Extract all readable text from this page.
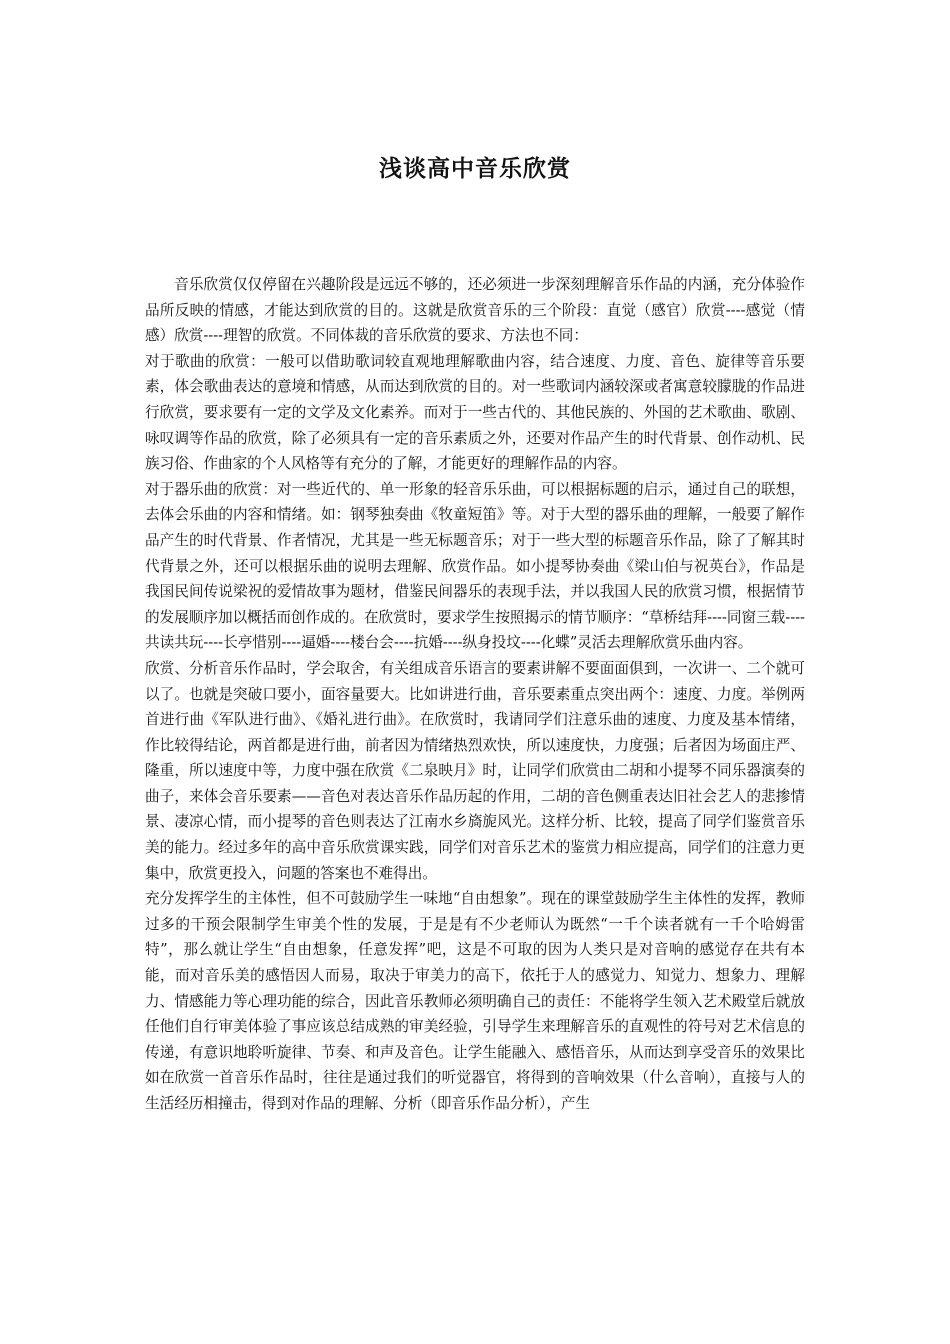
浅谈高中音乐欣赏

音乐欣赏仅仅停留在兴趣阶段是远远不够的，还必须进一步深刻理解音乐作品的内涵，充分体验作品所反映的情感，才能达到欣赏的目的。这就是欣赏音乐的三个阶段：直觉（感官）欣赏----感觉（情感）欣赏----理智的欣赏。不同体裁的音乐欣赏的要求、方法也不同：

对于歌曲的欣赏：一般可以借助歌词较直观地理解歌曲内容，结合速度、力度、音色、旋律等音乐要素，体会歌曲表达的意境和情感，从而达到欣赏的目的。对一些歌词内涵较深或者寓意较朦胧的作品进行欣赏，要求要有一定的文学及文化素养。而对于一些古代的、其他民族的、外国的艺术歌曲、歌剧、咏叹调等作品的欣赏，除了必须具有一定的音乐素质之外，还要对作品产生的时代背景、创作动机、民族习俗、作曲家的个人风格等有充分的了解，才能更好的理解作品的内容。

对于器乐曲的欣赏：对一些近代的、单一形象的轻音乐乐曲，可以根据标题的启示，通过自己的联想，去体会乐曲的内容和情绪。如：钢琴独奏曲《牧童短笛》等。对于大型的器乐曲的理解，一般要了解作品产生的时代背景、作者情况，尤其是一些无标题音乐；对于一些大型的标题音乐作品，除了了解其时代背景之外，还可以根据乐曲的说明去理解、欣赏作品。如小提琴协奏曲《梁山伯与祝英台》，作品是我国民间传说梁祝的爱情故事为题材，借鉴民间器乐的表现手法，并以我国人民的欣赏习惯，根据情节的发展顺序加以概括而创作成的。在欣赏时，要求学生按照揭示的情节顺序：“草桥结拜----同窗三载----共读共玩----长亭惜别----逼婚----楼台会----抗婚----纵身投坟----化蝶”灵活去理解欣赏乐曲内容。

欣赏、分析音乐作品时，学会取舍，有关组成音乐语言的要素讲解不要面面俱到，一次讲一、二个就可以了。也就是突破口要小，面容量要大。比如讲进行曲，音乐要素重点突出两个：速度、力度。举例两首进行曲《军队进行曲》、《婚礼进行曲》。在欣赏时，我请同学们注意乐曲的速度、力度及基本情绪，作比较得结论，两首都是进行曲，前者因为情绪热烈欢快，所以速度快，力度强；后者因为场面庄严、隆重，所以速度中等，力度中强在欣赏《二泉映月》时，让同学们欣赏由二胡和小提琴不同乐器演奏的曲子，来体会音乐要素——音色对表达音乐作品历起的作用，二胡的音色侧重表达旧社会艺人的悲掺情景、凄凉心情，而小提琴的音色则表达了江南水乡旖旎风光。这样分析、比较，提高了同学们鉴赏音乐美的能力。经过多年的高中音乐欣赏课实践，同学们对音乐艺术的鉴赏力相应提高，同学们的注意力更集中，欣赏更投入，问题的答案也不难得出。

充分发挥学生的主体性，但不可鼓励学生一味地“自由想象”。现在的课堂鼓励学生主体性的发挥，教师过多的干预会限制学生审美个性的发展，于是是有不少老师认为既然“一千个读者就有一千个哈姆雷特”，那么就让学生“自由想象，任意发挥”吧，这是不可取的因为人类只是对音响的感觉存在共有本能，而对音乐美的感悟因人而易，取决于审美力的高下，依托于人的感觉力、知觉力、想象力、理解力、情感能力等心理功能的综合，因此音乐教师必须明确自己的责任：不能将学生领入艺术殿堂后就放任他们自行审美体验了事应该总结成熟的审美经验，引导学生来理解音乐的直观性的符号对艺术信息的传递，有意识地聆听旋律、节奏、和声及音色。让学生能融入、感悟音乐，从而达到享受音乐的效果比如在欣赏一首音乐作品时，往往是通过我们的听觉器官，将得到的音响效果（什么音响），直接与人的生活经历相撞击，得到对作品的理解、分析（即音乐作品分析），产生
